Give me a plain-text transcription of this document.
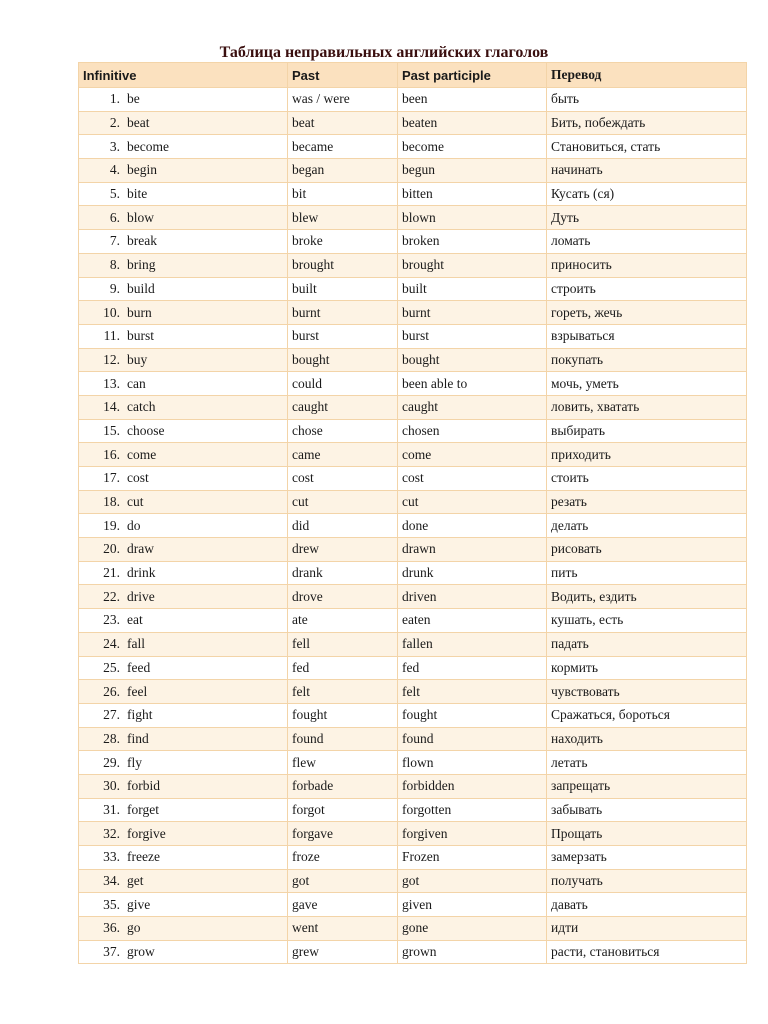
Таблица неправильных английских глаголов
Infinitive	Past	Past participle	Перевод
1. be	was / were	been	быть
2. beat	beat	beaten	Бить, побеждать
3. become	became	become	Становиться, стать
4. begin	began	begun	начинать
5. bite	bit	bitten	Кусать (ся)
6. blow	blew	blown	Дуть
7. break	broke	broken	ломать
8. bring	brought	brought	приносить
9. build	built	built	строить
10. burn	burnt	burnt	гореть, жечь
11. burst	burst	burst	взрываться
12. buy	bought	bought	покупать
13. can	could	been able to	мочь, уметь
14. catch	caught	caught	ловить, хватать
15. choose	chose	chosen	выбирать
16. come	came	come	приходить
17. cost	cost	cost	стоить
18. cut	cut	cut	резать
19. do	did	done	делать
20. draw	drew	drawn	рисовать
21. drink	drank	drunk	пить
22. drive	drove	driven	Водить, ездить
23. eat	ate	eaten	кушать, есть
24. fall	fell	fallen	падать
25. feed	fed	fed	кормить
26. feel	felt	felt	чувствовать
27. fight	fought	fought	Сражаться, бороться
28. find	found	found	находить
29. fly	flew	flown	летать
30. forbid	forbade	forbidden	запрещать
31. forget	forgot	forgotten	забывать
32. forgive	forgave	forgiven	Прощать
33. freeze	froze	Frozen	замерзать
34. get	got	got	получать
35. give	gave	given	давать
36. go	went	gone	идти
37. grow	grew	grown	расти, становиться
